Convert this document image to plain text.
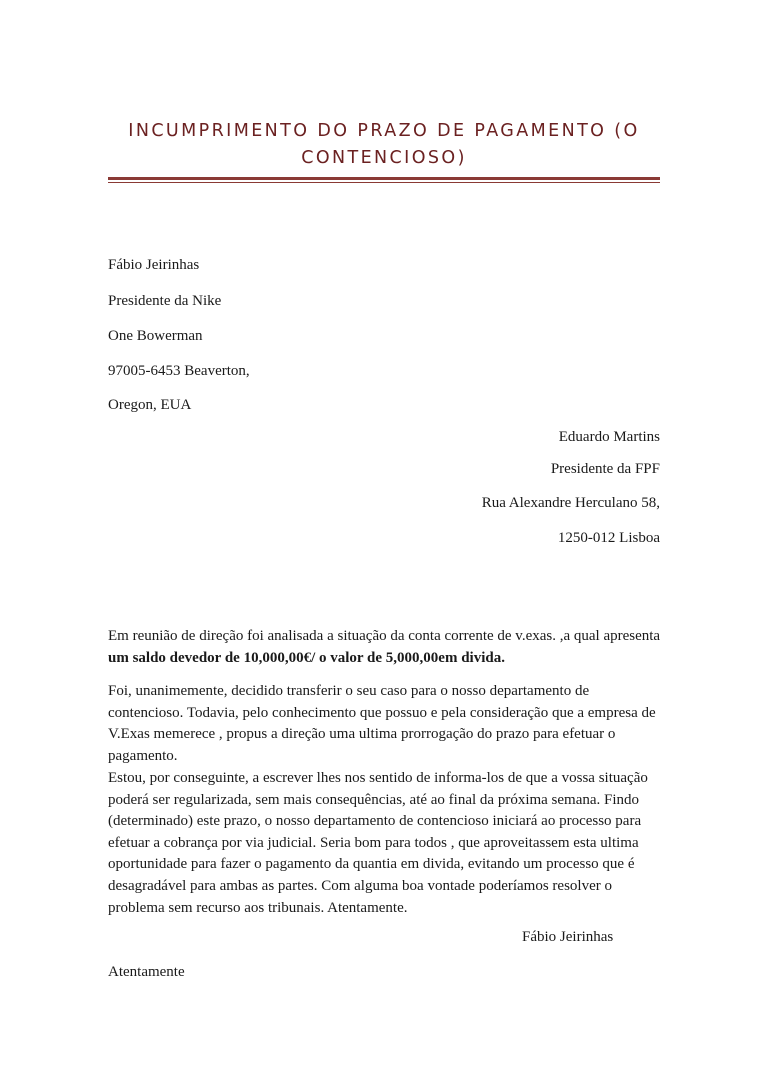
INCUMPRIMENTO DO PRAZO DE PAGAMENTO (O CONTENCIOSO)
Fábio Jeirinhas
Presidente da Nike
One Bowerman
97005-6453 Beaverton,
Oregon, EUA
Eduardo Martins
Presidente da FPF
Rua Alexandre Herculano 58,
1250-012 Lisboa
Em reunião de direção foi analisada a situação da conta corrente de v.exas. ,a qual apresenta um saldo devedor de 10,000,00€/ o valor de 5,000,00em divida.
Foi, unanimemente, decidido transferir o seu caso para o nosso departamento de contencioso. Todavia, pelo conhecimento que possuo e pela consideração que a empresa de V.Exas memerece , propus a direção uma ultima prorrogação do prazo para efetuar o pagamento.
Estou, por conseguinte, a escrever lhes nos sentido de informa-los de que a vossa situação poderá ser regularizada, sem mais consequências, até ao final da próxima semana. Findo (determinado) este prazo, o nosso departamento de contencioso iniciará ao processo para efetuar a cobrança por via judicial. Seria bom para todos , que aproveitassem esta ultima oportunidade para fazer o pagamento da quantia em divida, evitando um processo que é desagradável para ambas as partes. Com alguma boa vontade poderíamos resolver o problema sem recurso aos tribunais. Atentamente.
Fábio Jeirinhas
Atentamente
